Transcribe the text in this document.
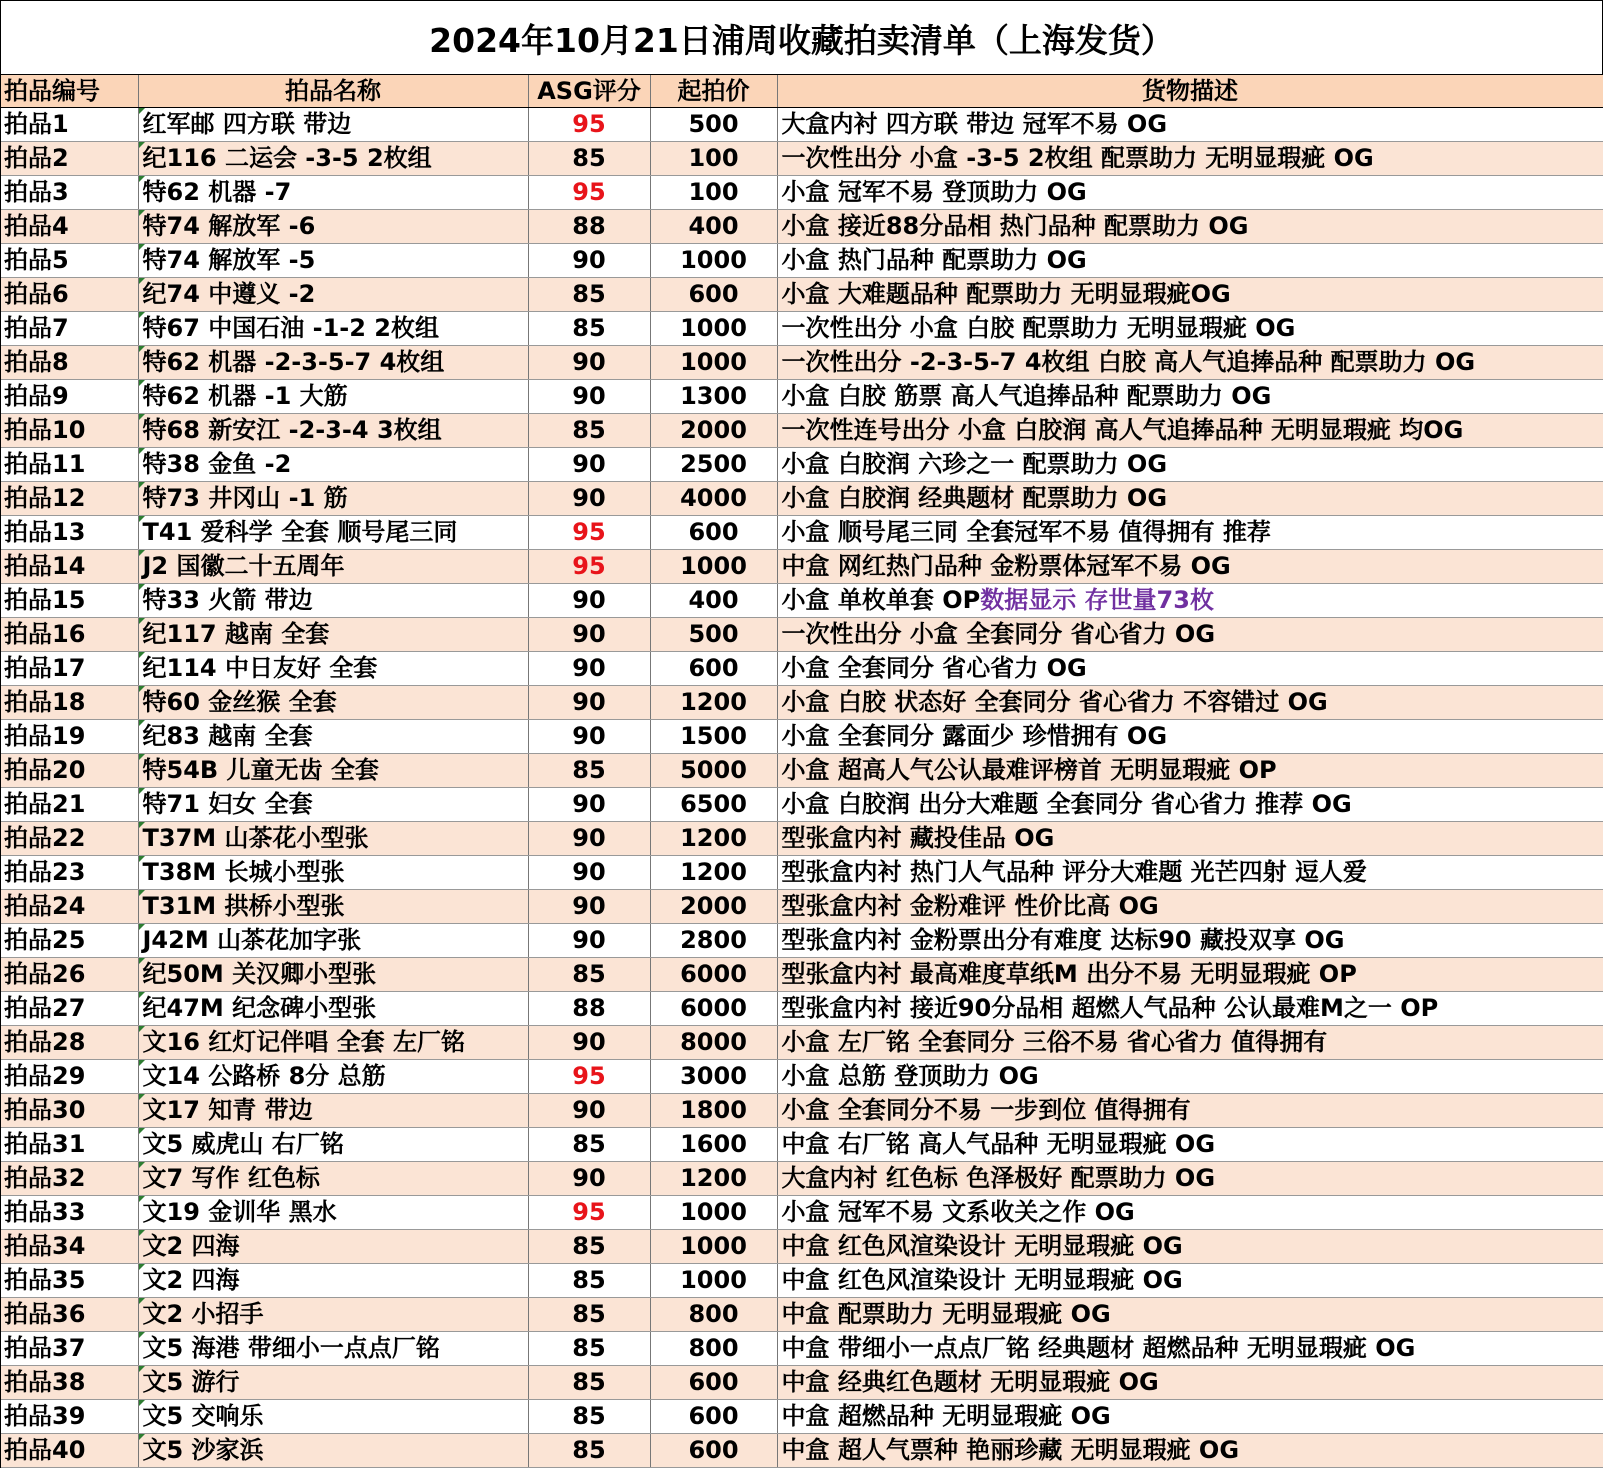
2024年10月21日浦周收藏拍卖清单（上海发货）
拍品编号	拍品名称	ASG评分	起拍价	货物描述
拍品1	红军邮 四方联 带边	95	500	大盒内衬 四方联 带边 冠军不易 OG
拍品2	纪116 二运会 -3-5 2枚组	85	100	一次性出分 小盒 -3-5 2枚组 配票助力 无明显瑕疵 OG
拍品3	特62 机器 -7	95	100	小盒 冠军不易 登顶助力 OG
拍品4	特74 解放军 -6	88	400	小盒 接近88分品相 热门品种 配票助力 OG
拍品5	特74 解放军 -5	90	1000	小盒 热门品种 配票助力 OG
拍品6	纪74 中遵义 -2	85	600	小盒 大难题品种 配票助力 无明显瑕疵OG
拍品7	特67 中国石油 -1-2 2枚组	85	1000	一次性出分 小盒 白胶 配票助力 无明显瑕疵 OG
拍品8	特62 机器 -2-3-5-7 4枚组	90	1000	一次性出分 -2-3-5-7 4枚组 白胶 高人气追捧品种 配票助力 OG
拍品9	特62 机器 -1 大筋	90	1300	小盒 白胶 筋票 高人气追捧品种 配票助力 OG
拍品10	特68 新安江 -2-3-4 3枚组	85	2000	一次性连号出分 小盒 白胶润 高人气追捧品种 无明显瑕疵 均OG
拍品11	特38 金鱼 -2	90	2500	小盒 白胶润 六珍之一 配票助力 OG
拍品12	特73 井冈山 -1 筋	90	4000	小盒 白胶润 经典题材 配票助力 OG
拍品13	T41 爱科学 全套 顺号尾三同	95	600	小盒 顺号尾三同 全套冠军不易 值得拥有 推荐
拍品14	J2 国徽二十五周年	95	1000	中盒 网红热门品种 金粉票体冠军不易 OG
拍品15	特33 火箭 带边	90	400	小盒 单枚单套 OP数据显示 存世量73枚
拍品16	纪117 越南 全套	90	500	一次性出分 小盒 全套同分 省心省力 OG
拍品17	纪114 中日友好 全套	90	600	小盒 全套同分 省心省力 OG
拍品18	特60 金丝猴 全套	90	1200	小盒 白胶 状态好 全套同分 省心省力 不容错过 OG
拍品19	纪83 越南 全套	90	1500	小盒 全套同分 露面少 珍惜拥有 OG
拍品20	特54B 儿童无齿 全套	85	5000	小盒 超高人气公认最难评榜首 无明显瑕疵 OP
拍品21	特71 妇女 全套	90	6500	小盒 白胶润 出分大难题 全套同分 省心省力 推荐 OG
拍品22	T37M 山茶花小型张	90	1200	型张盒内衬 藏投佳品 OG
拍品23	T38M 长城小型张	90	1200	型张盒内衬 热门人气品种 评分大难题 光芒四射 逗人爱
拍品24	T31M 拱桥小型张	90	2000	型张盒内衬 金粉难评 性价比高 OG
拍品25	J42M 山茶花加字张	90	2800	型张盒内衬 金粉票出分有难度 达标90 藏投双享 OG
拍品26	纪50M 关汉卿小型张	85	6000	型张盒内衬 最高难度草纸M 出分不易 无明显瑕疵 OP
拍品27	纪47M 纪念碑小型张	88	6000	型张盒内衬 接近90分品相 超燃人气品种 公认最难M之一 OP
拍品28	文16 红灯记伴唱 全套 左厂铭	90	8000	小盒 左厂铭 全套同分 三俗不易 省心省力 值得拥有
拍品29	文14 公路桥 8分 总筋	95	3000	小盒 总筋 登顶助力 OG
拍品30	文17 知青 带边	90	1800	小盒 全套同分不易 一步到位 值得拥有
拍品31	文5 威虎山 右厂铭	85	1600	中盒 右厂铭 高人气品种 无明显瑕疵 OG
拍品32	文7 写作 红色标	90	1200	大盒内衬 红色标 色泽极好 配票助力 OG
拍品33	文19 金训华 黑水	95	1000	小盒 冠军不易 文系收关之作 OG
拍品34	文2 四海	85	1000	中盒 红色风渲染设计 无明显瑕疵 OG
拍品35	文2 四海	85	1000	中盒 红色风渲染设计 无明显瑕疵 OG
拍品36	文2 小招手	85	800	中盒 配票助力 无明显瑕疵 OG
拍品37	文5 海港 带细小一点点厂铭	85	800	中盒 带细小一点点厂铭 经典题材 超燃品种 无明显瑕疵 OG
拍品38	文5 游行	85	600	中盒 经典红色题材 无明显瑕疵 OG
拍品39	文5 交响乐	85	600	中盒 超燃品种 无明显瑕疵 OG
拍品40	文5 沙家浜	85	600	中盒 超人气票种 艳丽珍藏 无明显瑕疵 OG
